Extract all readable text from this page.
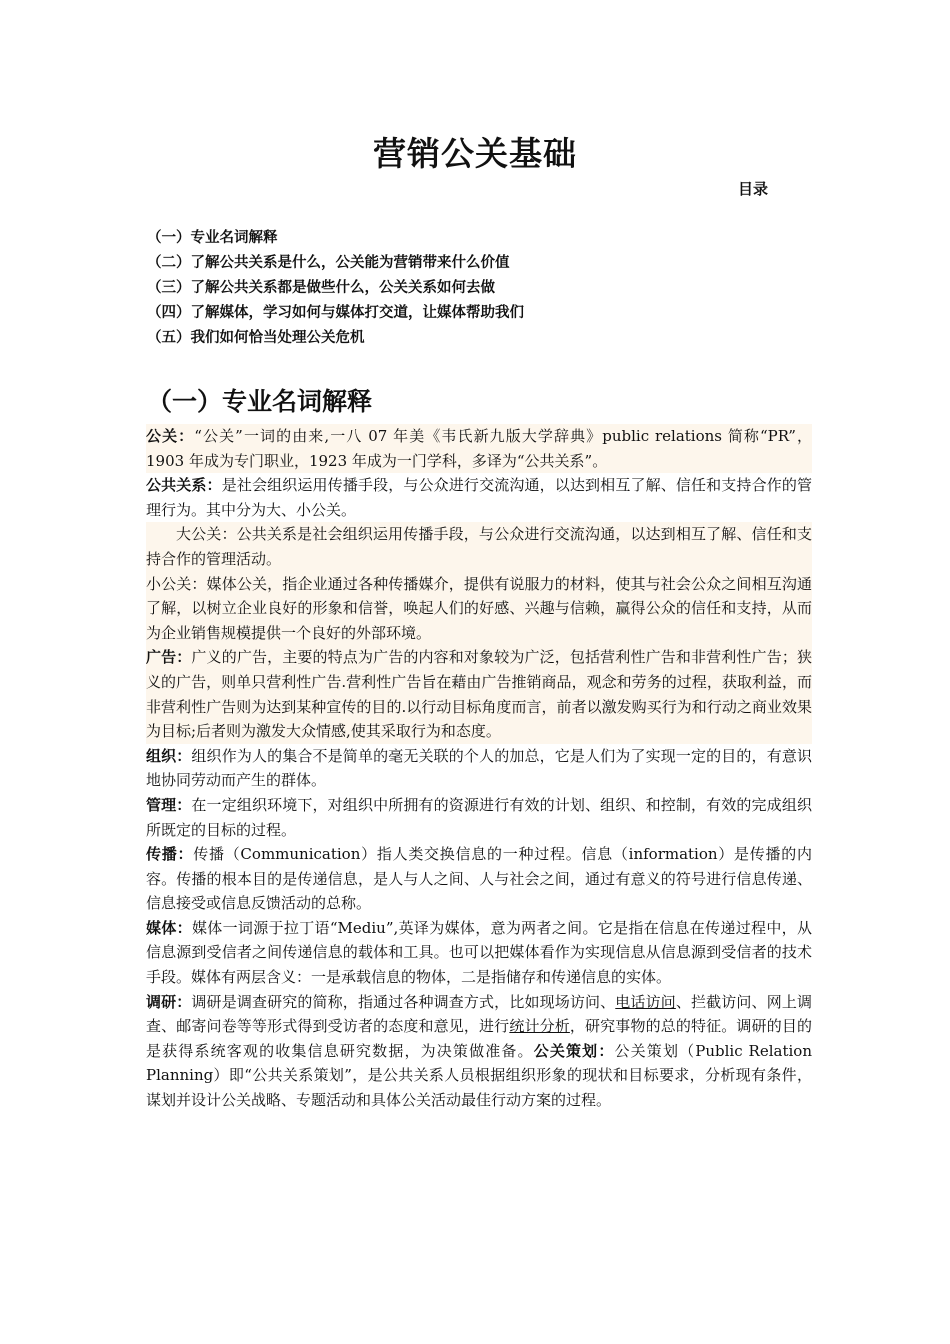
营销公关基础
目录
（一）专业名词解释
（二）了解公共关系是什么，公关能为营销带来什么价值
（三）了解公共关系都是做些什么，公关关系如何去做
（四）了解媒体，学习如何与媒体打交道，让媒体帮助我们
（五）我们如何恰当处理公关危机
（一）专业名词解释

公关：“公关”一词的由来,一八 07 年美《韦氏新九版大学辞典》public relations 简称“PR”，1903 年成为专门职业，1923 年成为一门学科，多译为“公共关系”。

公共关系：是社会组织运用传播手段，与公众进行交流沟通，以达到相互了解、信任和支持合作的管理行为。其中分为大、小公关。

大公关：公共关系是社会组织运用传播手段，与公众进行交流沟通，以达到相互了解、信任和支持合作的管理活动。

小公关：媒体公关，指企业通过各种传播媒介，提供有说服力的材料，使其与社会公众之间相互沟通了解，以树立企业良好的形象和信誉，唤起人们的好感、兴趣与信赖，赢得公众的信任和支持，从而为企业销售规模提供一个良好的外部环境。

广告：广义的广告，主要的特点为广告的内容和对象较为广泛，包括营利性广告和非营利性广告；狭义的广告，则单只营利性广告.营利性广告旨在藉由广告推销商品，观念和劳务的过程，获取利益，而非营利性广告则为达到某种宣传的目的.以行动目标角度而言，前者以激发购买行为和行动之商业效果为目标;后者则为激发大众情感,使其采取行为和态度。

组织：组织作为人的集合不是简单的毫无关联的个人的加总，它是人们为了实现一定的目的，有意识地协同劳动而产生的群体。

管理：在一定组织环境下，对组织中所拥有的资源进行有效的计划、组织、和控制，有效的完成组织所既定的目标的过程。

传播：传播（Communication）指人类交换信息的一种过程。信息（information）是传播的内容。传播的根本目的是传递信息，是人与人之间、人与社会之间，通过有意义的符号进行信息传递、信息接受或信息反馈活动的总称。

媒体：媒体一词源于拉丁语“Mediu”,英译为媒体，意为两者之间。它是指在信息在传递过程中，从信息源到受信者之间传递信息的载体和工具。也可以把媒体看作为实现信息从信息源到受信者的技术手段。媒体有两层含义：一是承载信息的物体，二是指储存和传递信息的实体。

调研：调研是调查研究的简称，指通过各种调查方式，比如现场访问、电话访问、拦截访问、网上调查、邮寄问卷等等形式得到受访者的态度和意见，进行统计分析，研究事物的总的特征。调研的目的是获得系统客观的收集信息研究数据，为决策做准备。公关策划：公关策划（Public Relation Planning）即“公共关系策划”，是公共关系人员根据组织形象的现状和目标要求，分析现有条件，谋划并设计公关战略、专题活动和具体公关活动最佳行动方案的过程。
